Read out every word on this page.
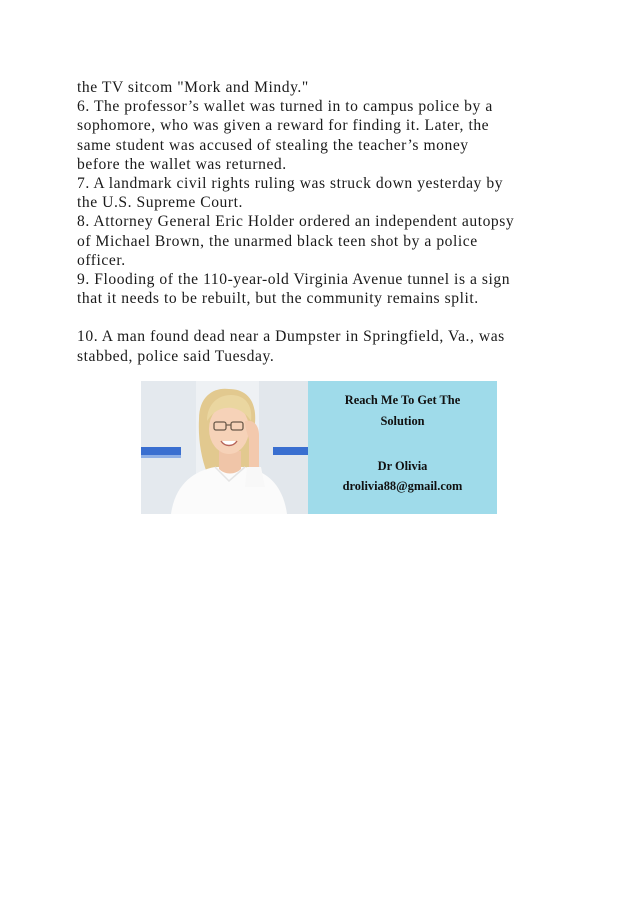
the TV sitcom "Mork and Mindy."
6. The professor’s wallet was turned in to campus police by a
sophomore, who was given a reward for finding it. Later, the
same student was accused of stealing the teacher’s money
before the wallet was returned.
7. A landmark civil rights ruling was struck down yesterday by
the U.S. Supreme Court.
8. Attorney General Eric Holder ordered an independent autopsy
of Michael Brown, the unarmed black teen shot by a police
officer.
9. Flooding of the 110-year-old Virginia Avenue tunnel is a sign
that it needs to be rebuilt, but the community remains split.
10. A man found dead near a Dumpster in Springfield, Va., was
stabbed, police said Tuesday.
Reach Me To Get The
Solution
Dr Olivia
drolivia88@gmail.com
